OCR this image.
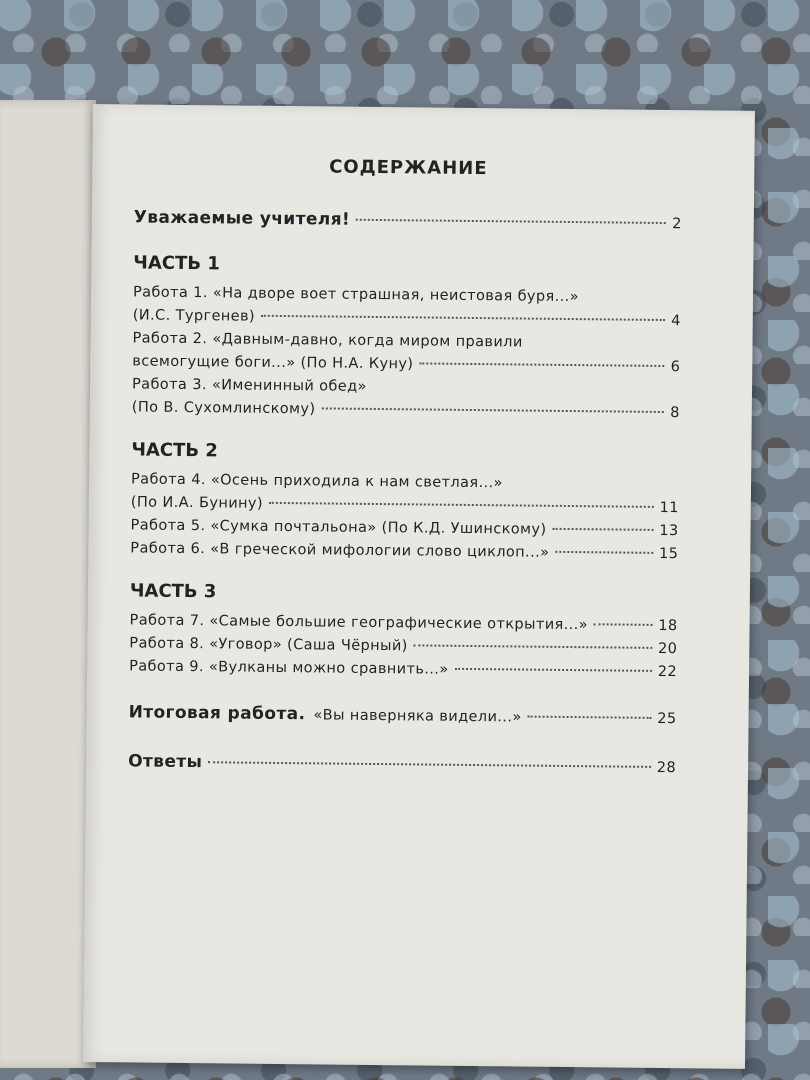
СОДЕРЖАНИЕ
Уважаемые учителя!	2
ЧАСТЬ 1
Работа 1. «На дворе воет страшная, неистовая буря...»
(И.С. Тургенев)	4
Работа 2. «Давным-давно, когда миром правили
всемогущие боги...» (По Н.А. Куну)	6
Работа 3. «Именинный обед»
(По В. Сухомлинскому)	8
ЧАСТЬ 2
Работа 4. «Осень приходила к нам светлая...»
(По И.А. Бунину)	11
Работа 5. «Сумка почтальона» (По К.Д. Ушинскому)	13
Работа 6. «В греческой мифологии слово циклоп...»	15
ЧАСТЬ 3
Работа 7. «Самые большие географические открытия...»	18
Работа 8. «Уговор» (Саша Чёрный)	20
Работа 9. «Вулканы можно сравнить...»	22
Итоговая работа. «Вы наверняка видели...»	25
Ответы	28
